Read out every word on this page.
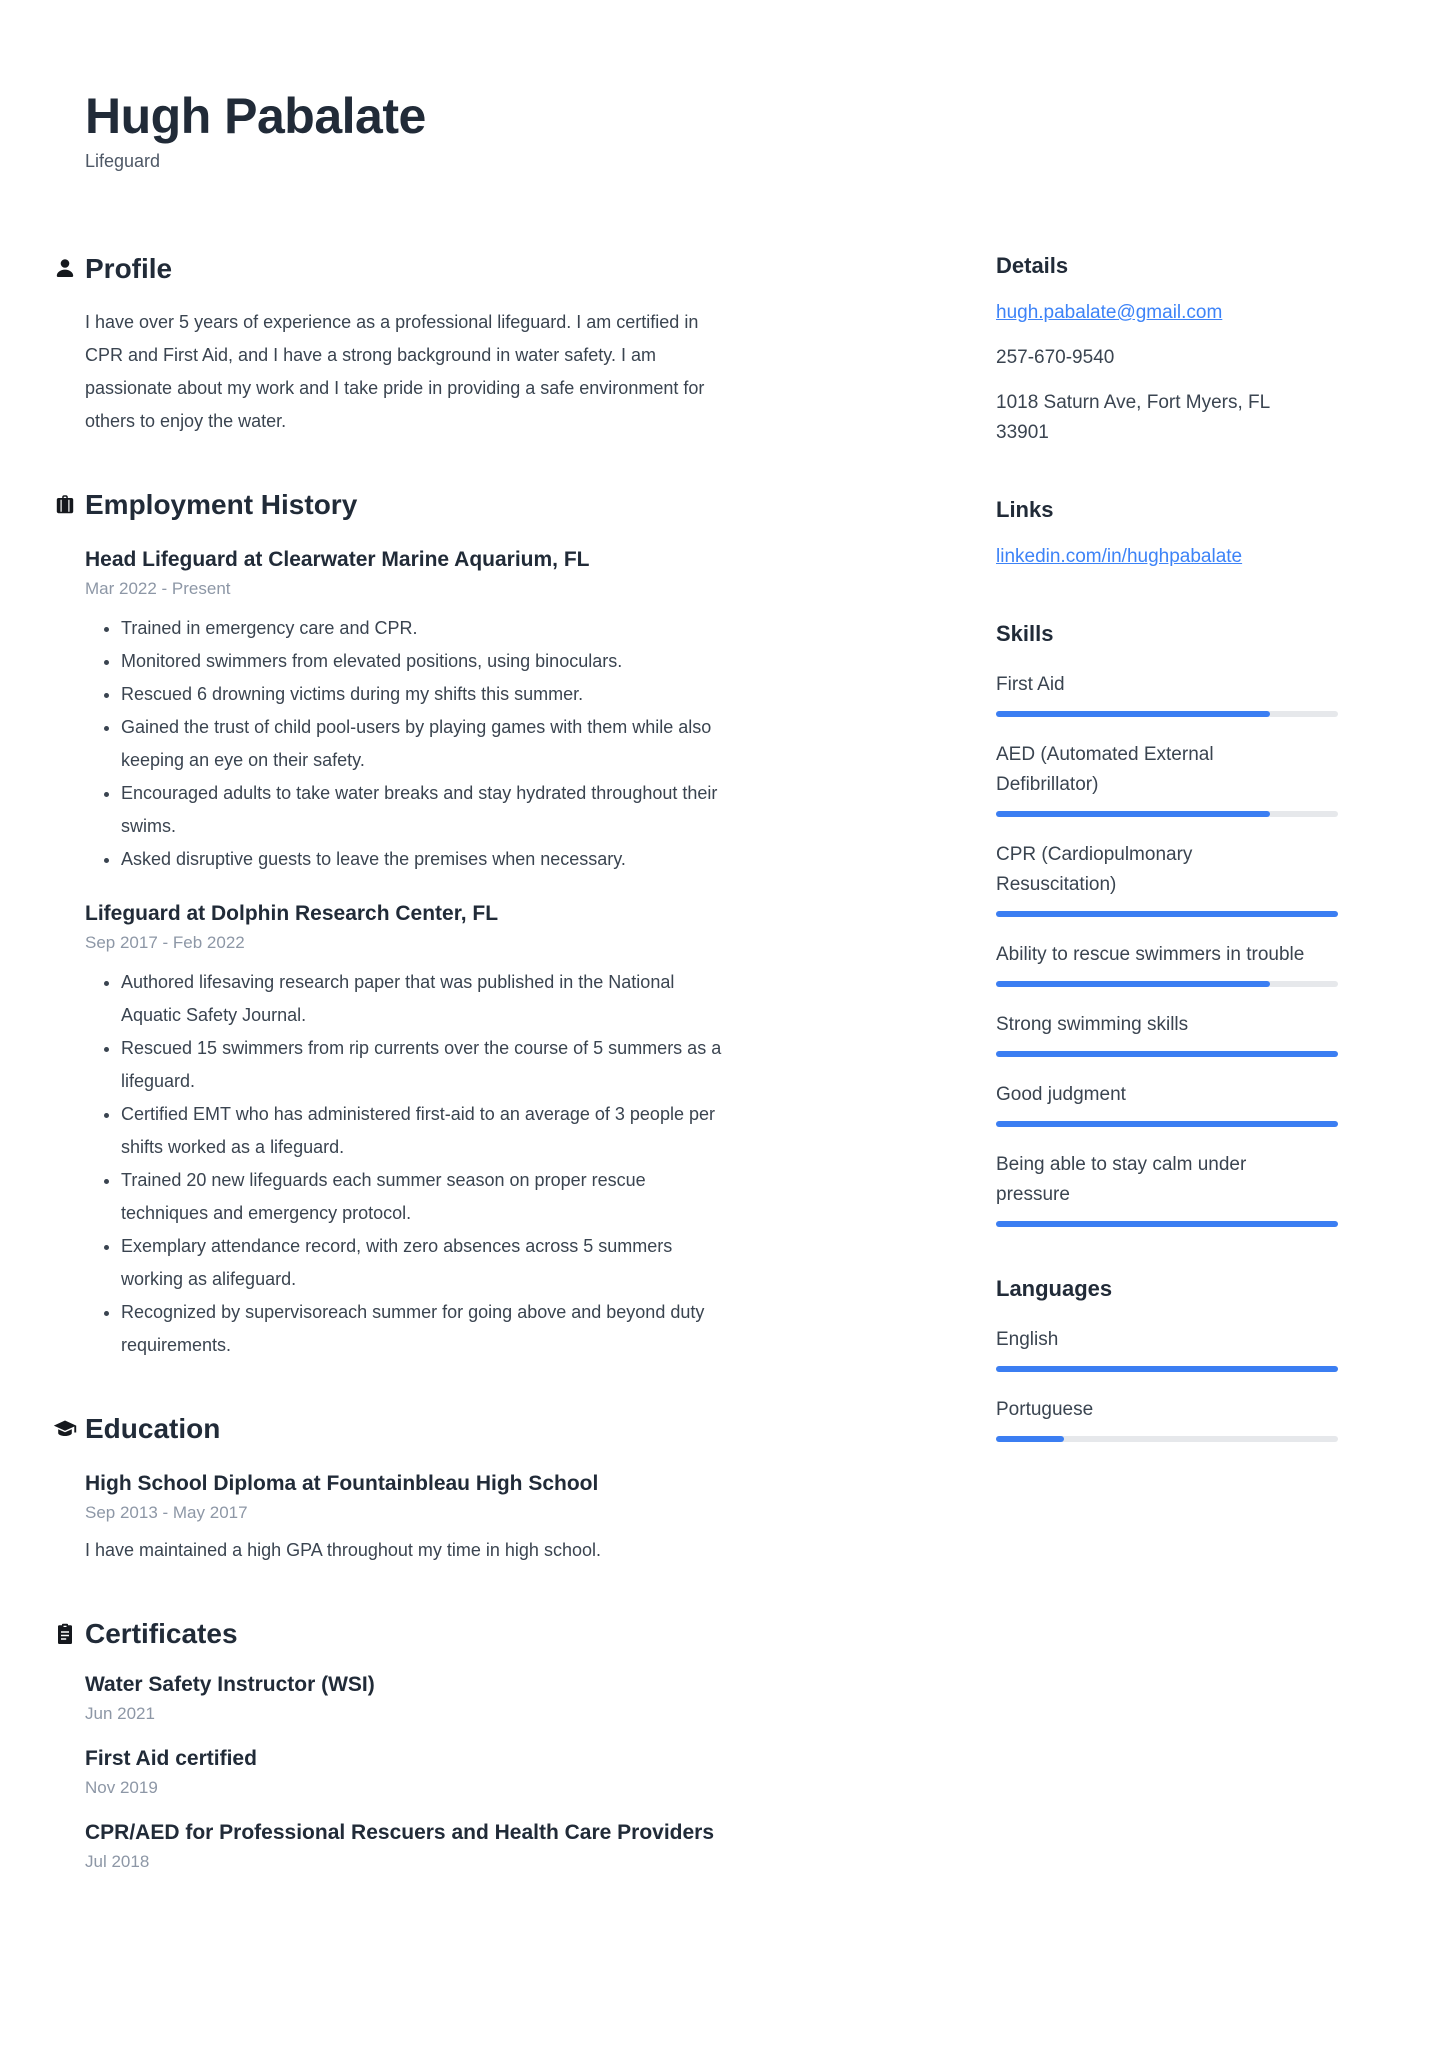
Hugh Pabalate
Lifeguard
Profile

I have over 5 years of experience as a professional lifeguard. I am certified in CPR and First Aid, and I have a strong background in water safety. I am passionate about my work and I take pride in providing a safe environment for others to enjoy the water.

Employment History
Head Lifeguard at Clearwater Marine Aquarium, FL
Mar 2022 - Present
• Trained in emergency care and CPR.
• Monitored swimmers from elevated positions, using binoculars.
• Rescued 6 drowning victims during my shifts this summer.
• Gained the trust of child pool-users by playing games with them while also keeping an eye on their safety.
• Encouraged adults to take water breaks and stay hydrated throughout their swims.
• Asked disruptive guests to leave the premises when necessary.
Lifeguard at Dolphin Research Center, FL
Sep 2017 - Feb 2022
• Authored lifesaving research paper that was published in the National Aquatic Safety Journal.
• Rescued 15 swimmers from rip currents over the course of 5 summers as a lifeguard.
• Certified EMT who has administered first-aid to an average of 3 people per shifts worked as a lifeguard.
• Trained 20 new lifeguards each summer season on proper rescue techniques and emergency protocol.
• Exemplary attendance record, with zero absences across 5 summers working as alifeguard.
• Recognized by supervisoreach summer for going above and beyond duty requirements.
Education
High School Diploma at Fountainbleau High School
Sep 2013 - May 2017
I have maintained a high GPA throughout my time in high school.
Certificates
Water Safety Instructor (WSI)
Jun 2021
First Aid certified
Nov 2019
CPR/AED for Professional Rescuers and Health Care Providers
Jul 2018
Details
hugh.pabalate@gmail.com
257-670-9540
1018 Saturn Ave, Fort Myers, FL 33901
Links
linkedin.com/in/hughpabalate
Skills
First Aid
AED (Automated External Defibrillator)
CPR (Cardiopulmonary Resuscitation)
Ability to rescue swimmers in trouble
Strong swimming skills
Good judgment
Being able to stay calm under pressure
Languages
English
Portuguese
